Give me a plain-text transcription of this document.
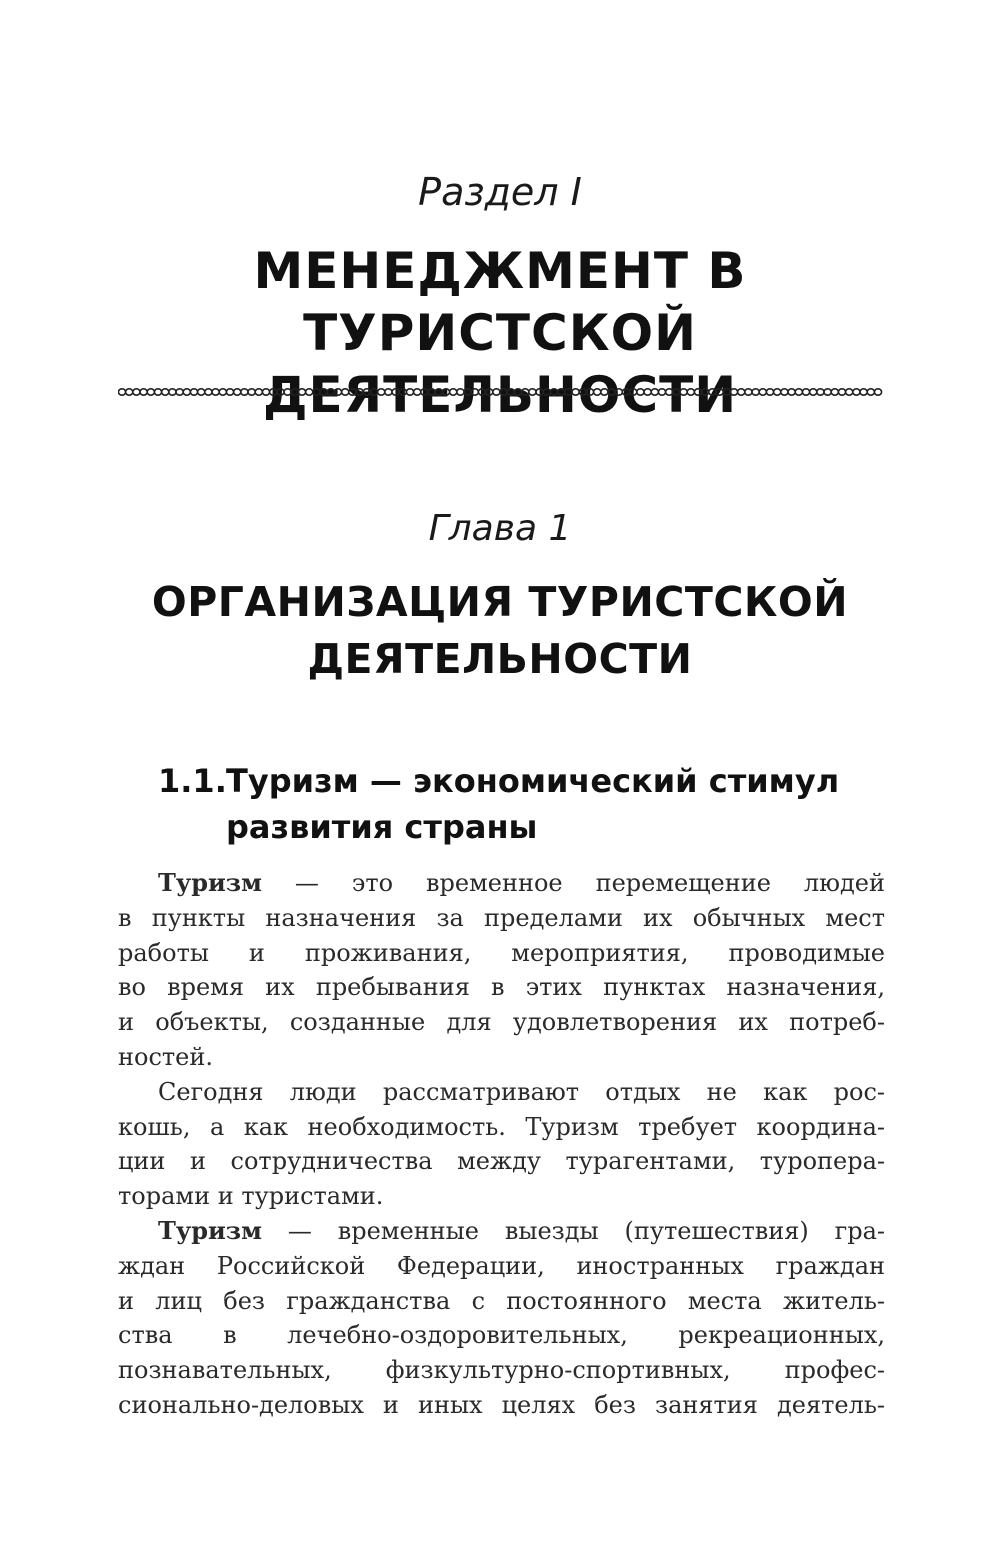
Раздел I
МЕНЕДЖМЕНТ В ТУРИСТСКОЙ
ДЕЯТЕЛЬНОСТИ
Глава 1
ОРГАНИЗАЦИЯ ТУРИСТСКОЙ
ДЕЯТЕЛЬНОСТИ
1.1.Туризм — экономический стимул
развития страны
Туризм — это временное перемещение людей
в пункты назначения за пределами их обычных мест
работы и проживания, мероприятия, проводимые
во время их пребывания в этих пунктах назначения,
и объекты, созданные для удовлетворения их потреб-
ностей.
Сегодня люди рассматривают отдых не как рос-
кошь, а как необходимость. Туризм требует координа-
ции и сотрудничества между турагентами, туропера-
торами и туристами.
Туризм — временные выезды (путешествия) гра-
ждан Российской Федерации, иностранных граждан
и лиц без гражданства с постоянного места житель-
ства в лечебно-оздоровительных, рекреационных,
познавательных, физкультурно-спортивных, профес-
сионально-деловых и иных целях без занятия деятель-
